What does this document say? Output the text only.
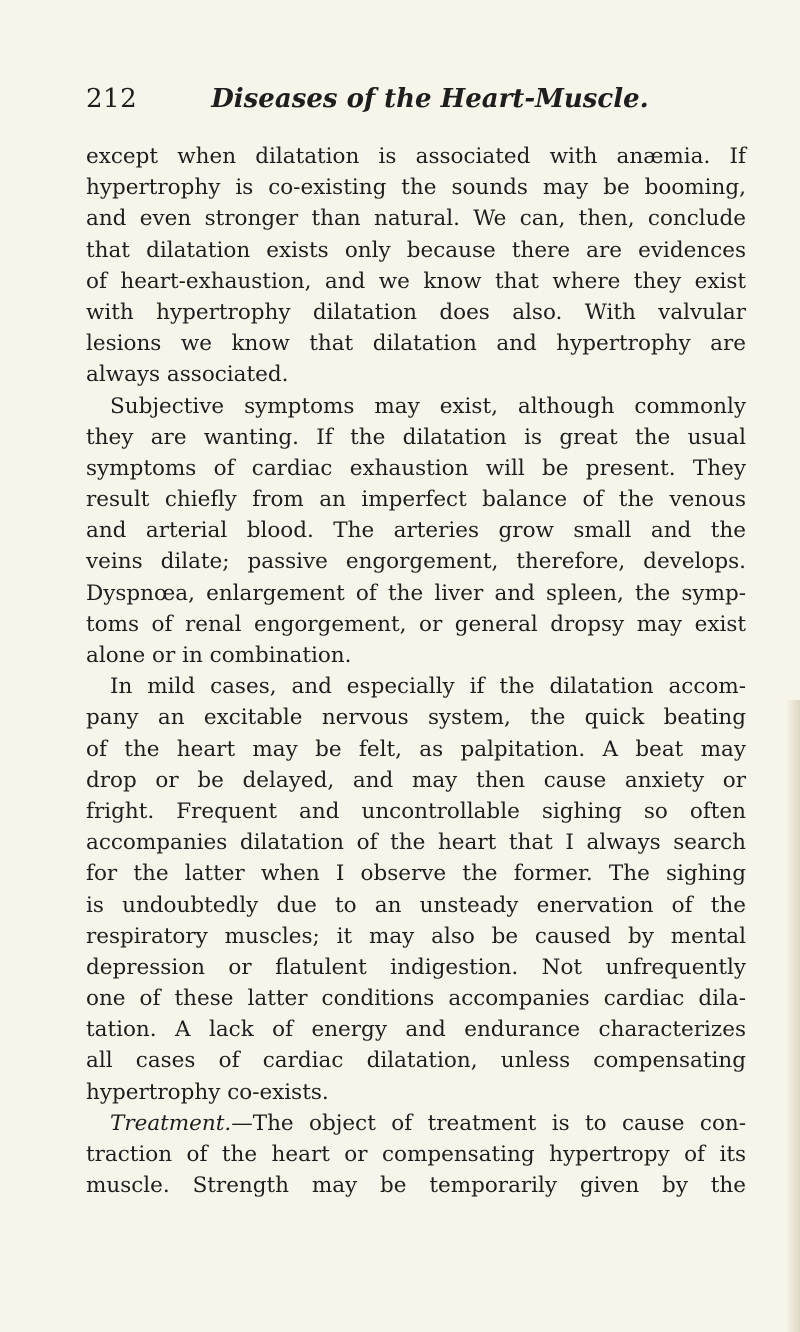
212	Diseases of the Heart-Muscle.
except when dilatation is associated with anæmia. If
hypertrophy is co-existing the sounds may be booming,
and even stronger than natural. We can, then, conclude
that dilatation exists only because there are evidences
of heart-exhaustion, and we know that where they exist
with hypertrophy dilatation does also. With valvular
lesions we know that dilatation and hypertrophy are
always associated.
Subjective symptoms may exist, although commonly
they are wanting. If the dilatation is great the usual
symptoms of cardiac exhaustion will be present. They
result chiefly from an imperfect balance of the venous
and arterial blood. The arteries grow small and the
veins dilate; passive engorgement, therefore, develops.
Dyspnœa, enlargement of the liver and spleen, the symp-
toms of renal engorgement, or general dropsy may exist
alone or in combination.
In mild cases, and especially if the dilatation accom-
pany an excitable nervous system, the quick beating
of the heart may be felt, as palpitation. A beat may
drop or be delayed, and may then cause anxiety or
fright. Frequent and uncontrollable sighing so often
accompanies dilatation of the heart that I always search
for the latter when I observe the former. The sighing
is undoubtedly due to an unsteady enervation of the
respiratory muscles; it may also be caused by mental
depression or flatulent indigestion. Not unfrequently
one of these latter conditions accompanies cardiac dila-
tation. A lack of energy and endurance characterizes
all cases of cardiac dilatation, unless compensating
hypertrophy co-exists.
Treatment.—The object of treatment is to cause con-
traction of the heart or compensating hypertropy of its
muscle. Strength may be temporarily given by the
